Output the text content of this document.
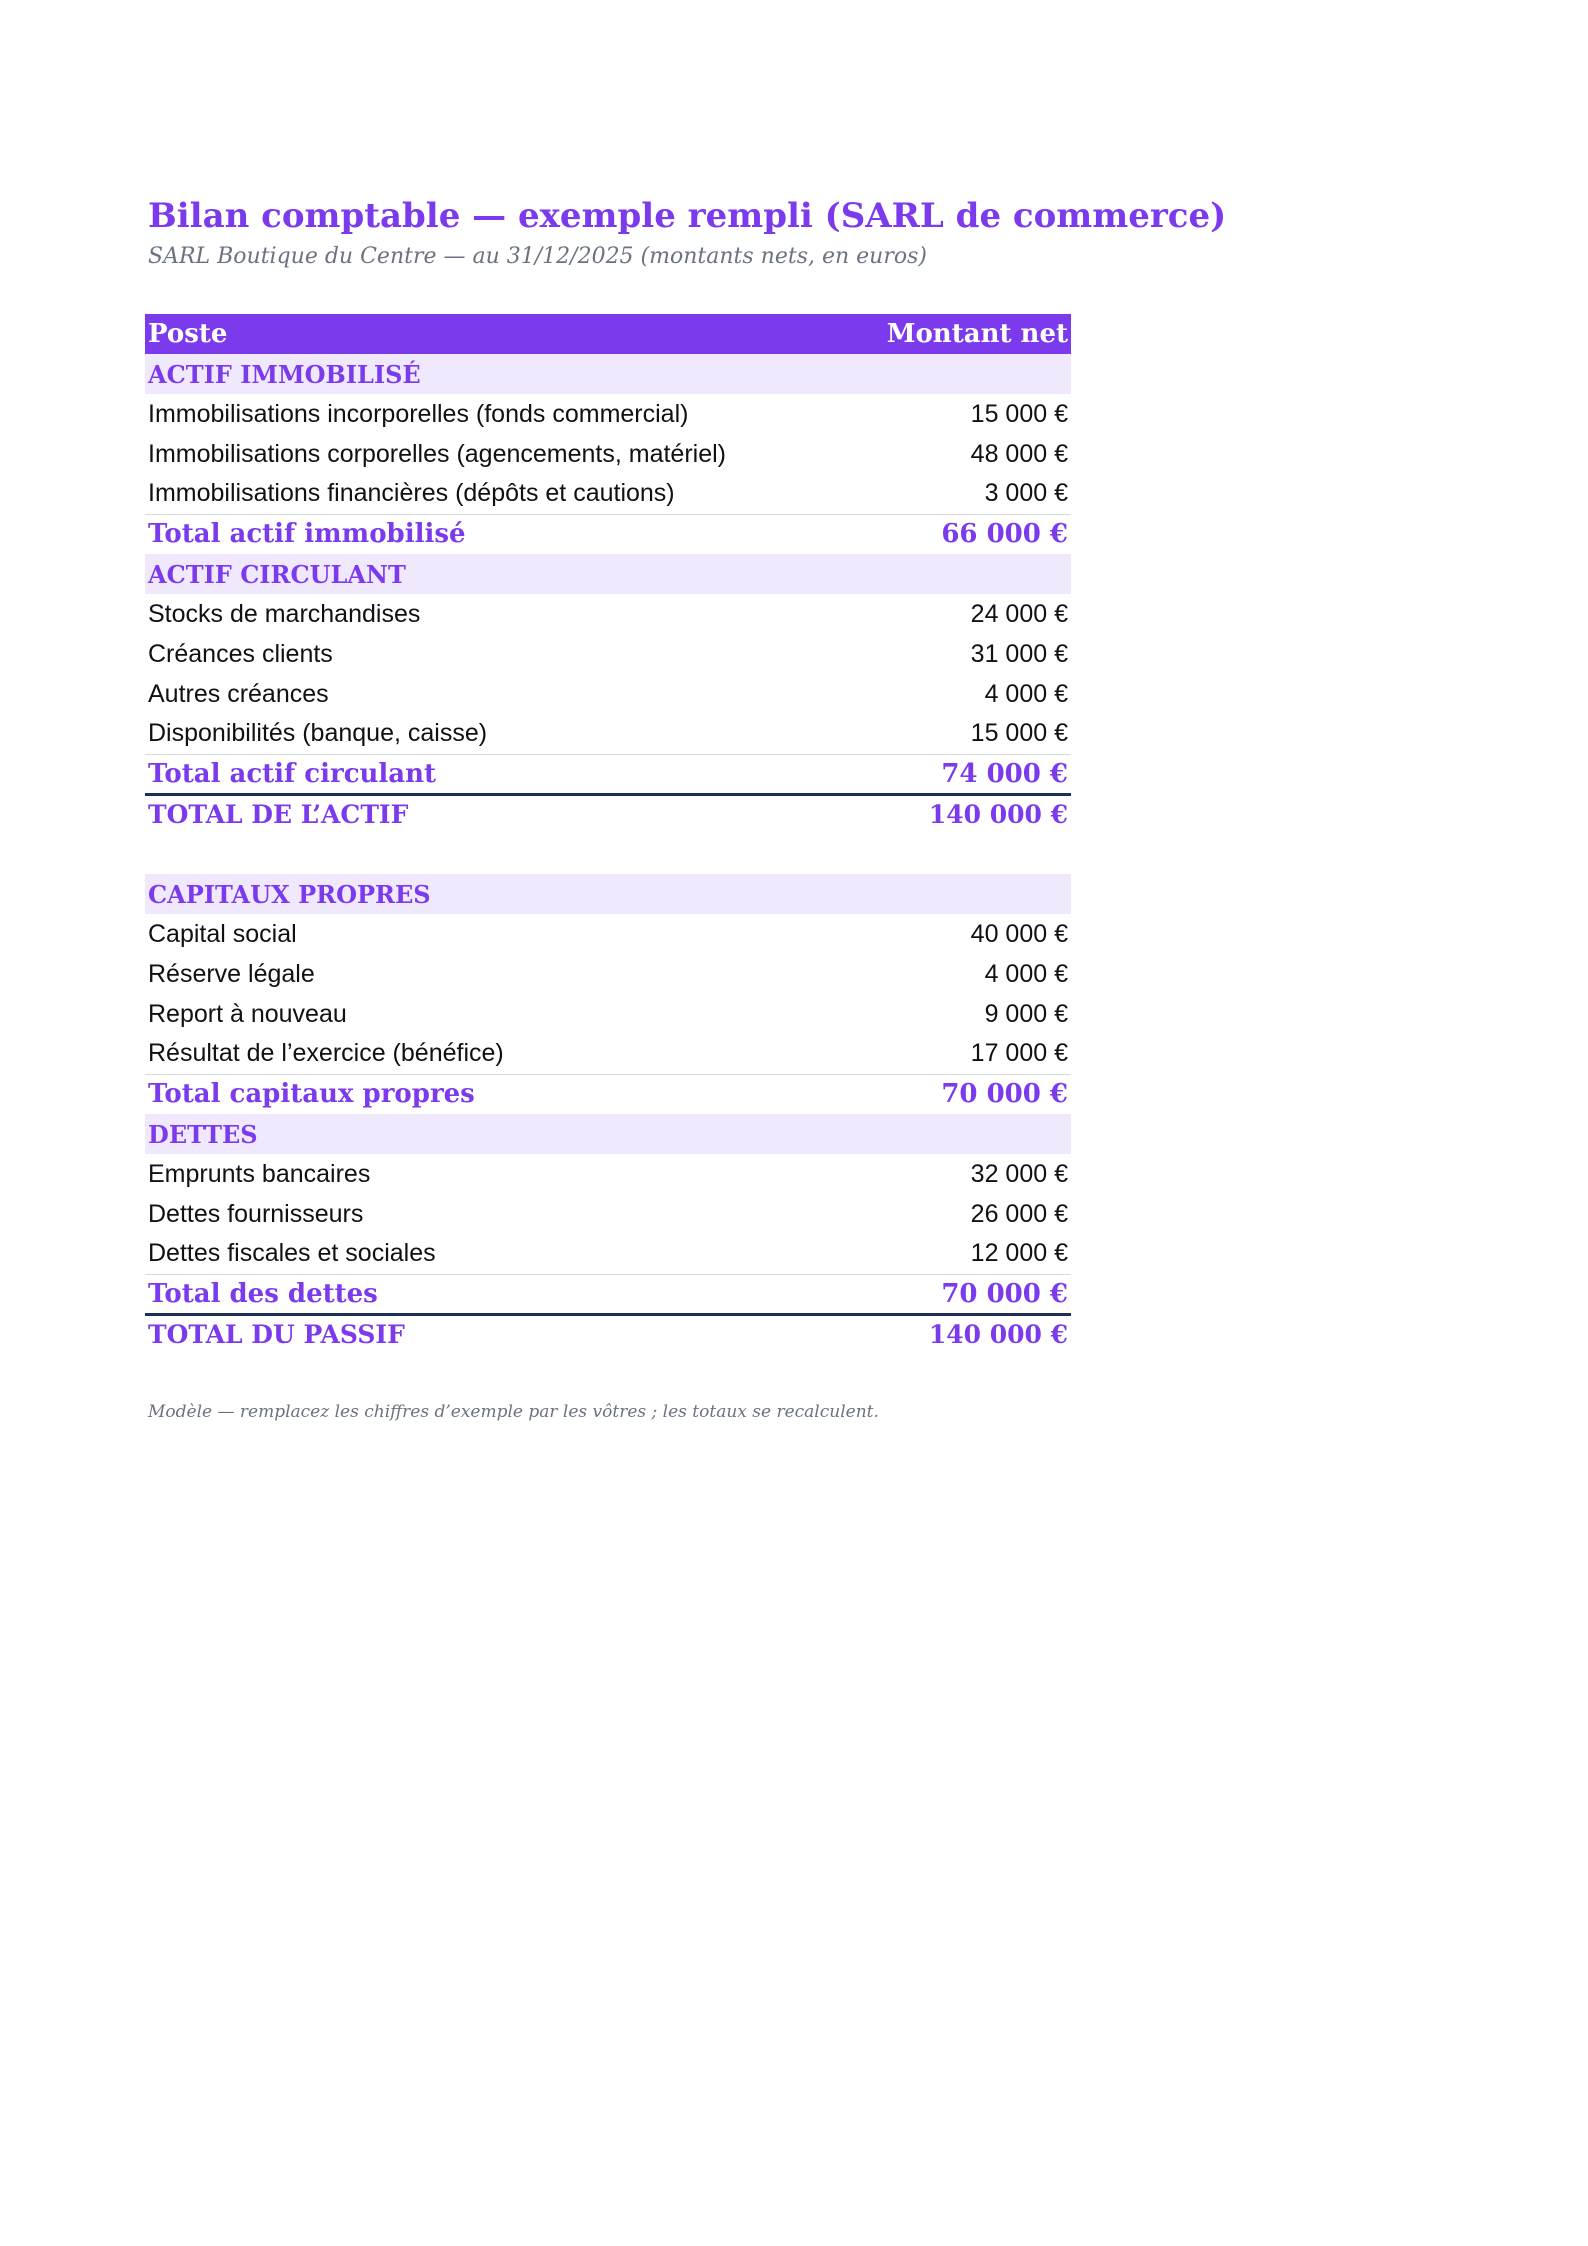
Bilan comptable — exemple rempli (SARL de commerce)
SARL Boutique du Centre — au 31/12/2025 (montants nets, en euros)
Poste	Montant net
ACTIF IMMOBILISÉ	
Immobilisations incorporelles (fonds commercial)	15 000 €
Immobilisations corporelles (agencements, matériel)	48 000 €
Immobilisations financières (dépôts et cautions)	3 000 €
Total actif immobilisé	66 000 €
ACTIF CIRCULANT	
Stocks de marchandises	24 000 €
Créances clients	31 000 €
Autres créances	4 000 €
Disponibilités (banque, caisse)	15 000 €
Total actif circulant	74 000 €
TOTAL DE L’ACTIF	140 000 €

CAPITAUX PROPRES	
Capital social	40 000 €
Réserve légale	4 000 €
Report à nouveau	9 000 €
Résultat de l’exercice (bénéfice)	17 000 €
Total capitaux propres	70 000 €
DETTES	
Emprunts bancaires	32 000 €
Dettes fournisseurs	26 000 €
Dettes fiscales et sociales	12 000 €
Total des dettes	70 000 €
TOTAL DU PASSIF	140 000 €
Modèle — remplacez les chiffres d’exemple par les vôtres ; les totaux se recalculent.
